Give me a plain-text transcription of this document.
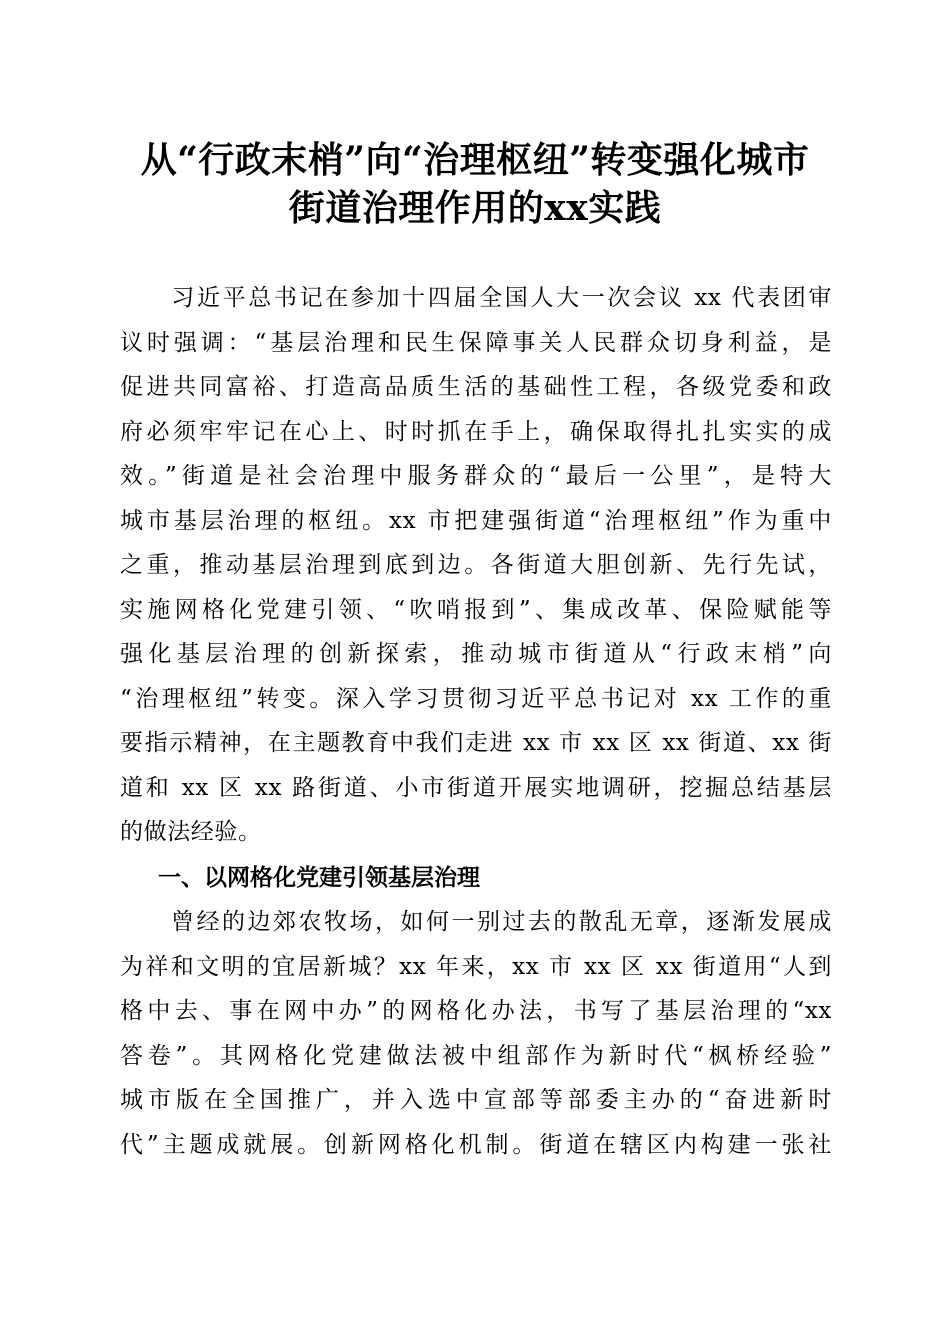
从“行政末梢”向“治理枢纽”转变强化城市
街道治理作用的xx实践
　　习近平总书记在参加十四届全国人大一次会议 xx 代表团审
议时强调：“基层治理和民生保障事关人民群众切身利益，是
促进共同富裕、打造高品质生活的基础性工程，各级党委和政
府必须牢牢记在心上、时时抓在手上，确保取得扎扎实实的成
效。”街道是社会治理中服务群众的“最后一公里”，是特大
城市基层治理的枢纽。xx 市把建强街道“治理枢纽”作为重中
之重，推动基层治理到底到边。各街道大胆创新、先行先试，
实施网格化党建引领、“吹哨报到”、集成改革、保险赋能等
强化基层治理的创新探索，推动城市街道从“行政末梢”向
“治理枢纽”转变。深入学习贯彻习近平总书记对 xx 工作的重
要指示精神，在主题教育中我们走进 xx 市 xx 区 xx 街道、xx 街
道和 xx 区 xx 路街道、小市街道开展实地调研，挖掘总结基层
的做法经验。
一、以网格化党建引领基层治理
　　曾经的边郊农牧场，如何一别过去的散乱无章，逐渐发展成
为祥和文明的宜居新城？xx 年来，xx 市 xx 区 xx 街道用“人到
格中去、事在网中办”的网格化办法，书写了基层治理的“xx
答卷”。其网格化党建做法被中组部作为新时代“枫桥经验”
城市版在全国推广，并入选中宣部等部委主办的“奋进新时
代”主题成就展。创新网格化机制。街道在辖区内构建一张社
